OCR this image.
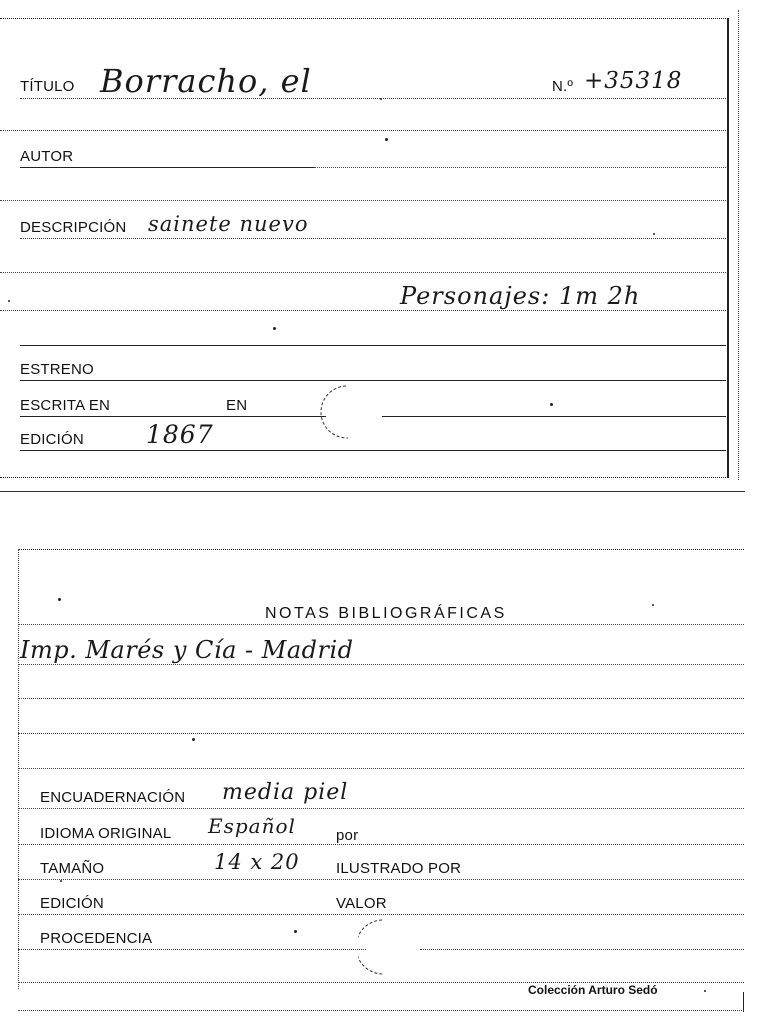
TÍTULO Borracho, el	N.º +35318
AUTOR
DESCRIPCIÓN sainete nuevo
Personajes: 1m 2h
ESTRENO
ESCRITA EN	EN
EDICIÓN 1867
NOTAS BIBLIOGRÁFICAS
Imp. Marés y Cía - Madrid
ENCUADERNACIÓN media piel
IDIOMA ORIGINAL Español	por
TAMAÑO	14 x 20 ILUSTRADO POR
EDICIÓN	VALOR
PROCEDENCIA
Colección Arturo Sedó
